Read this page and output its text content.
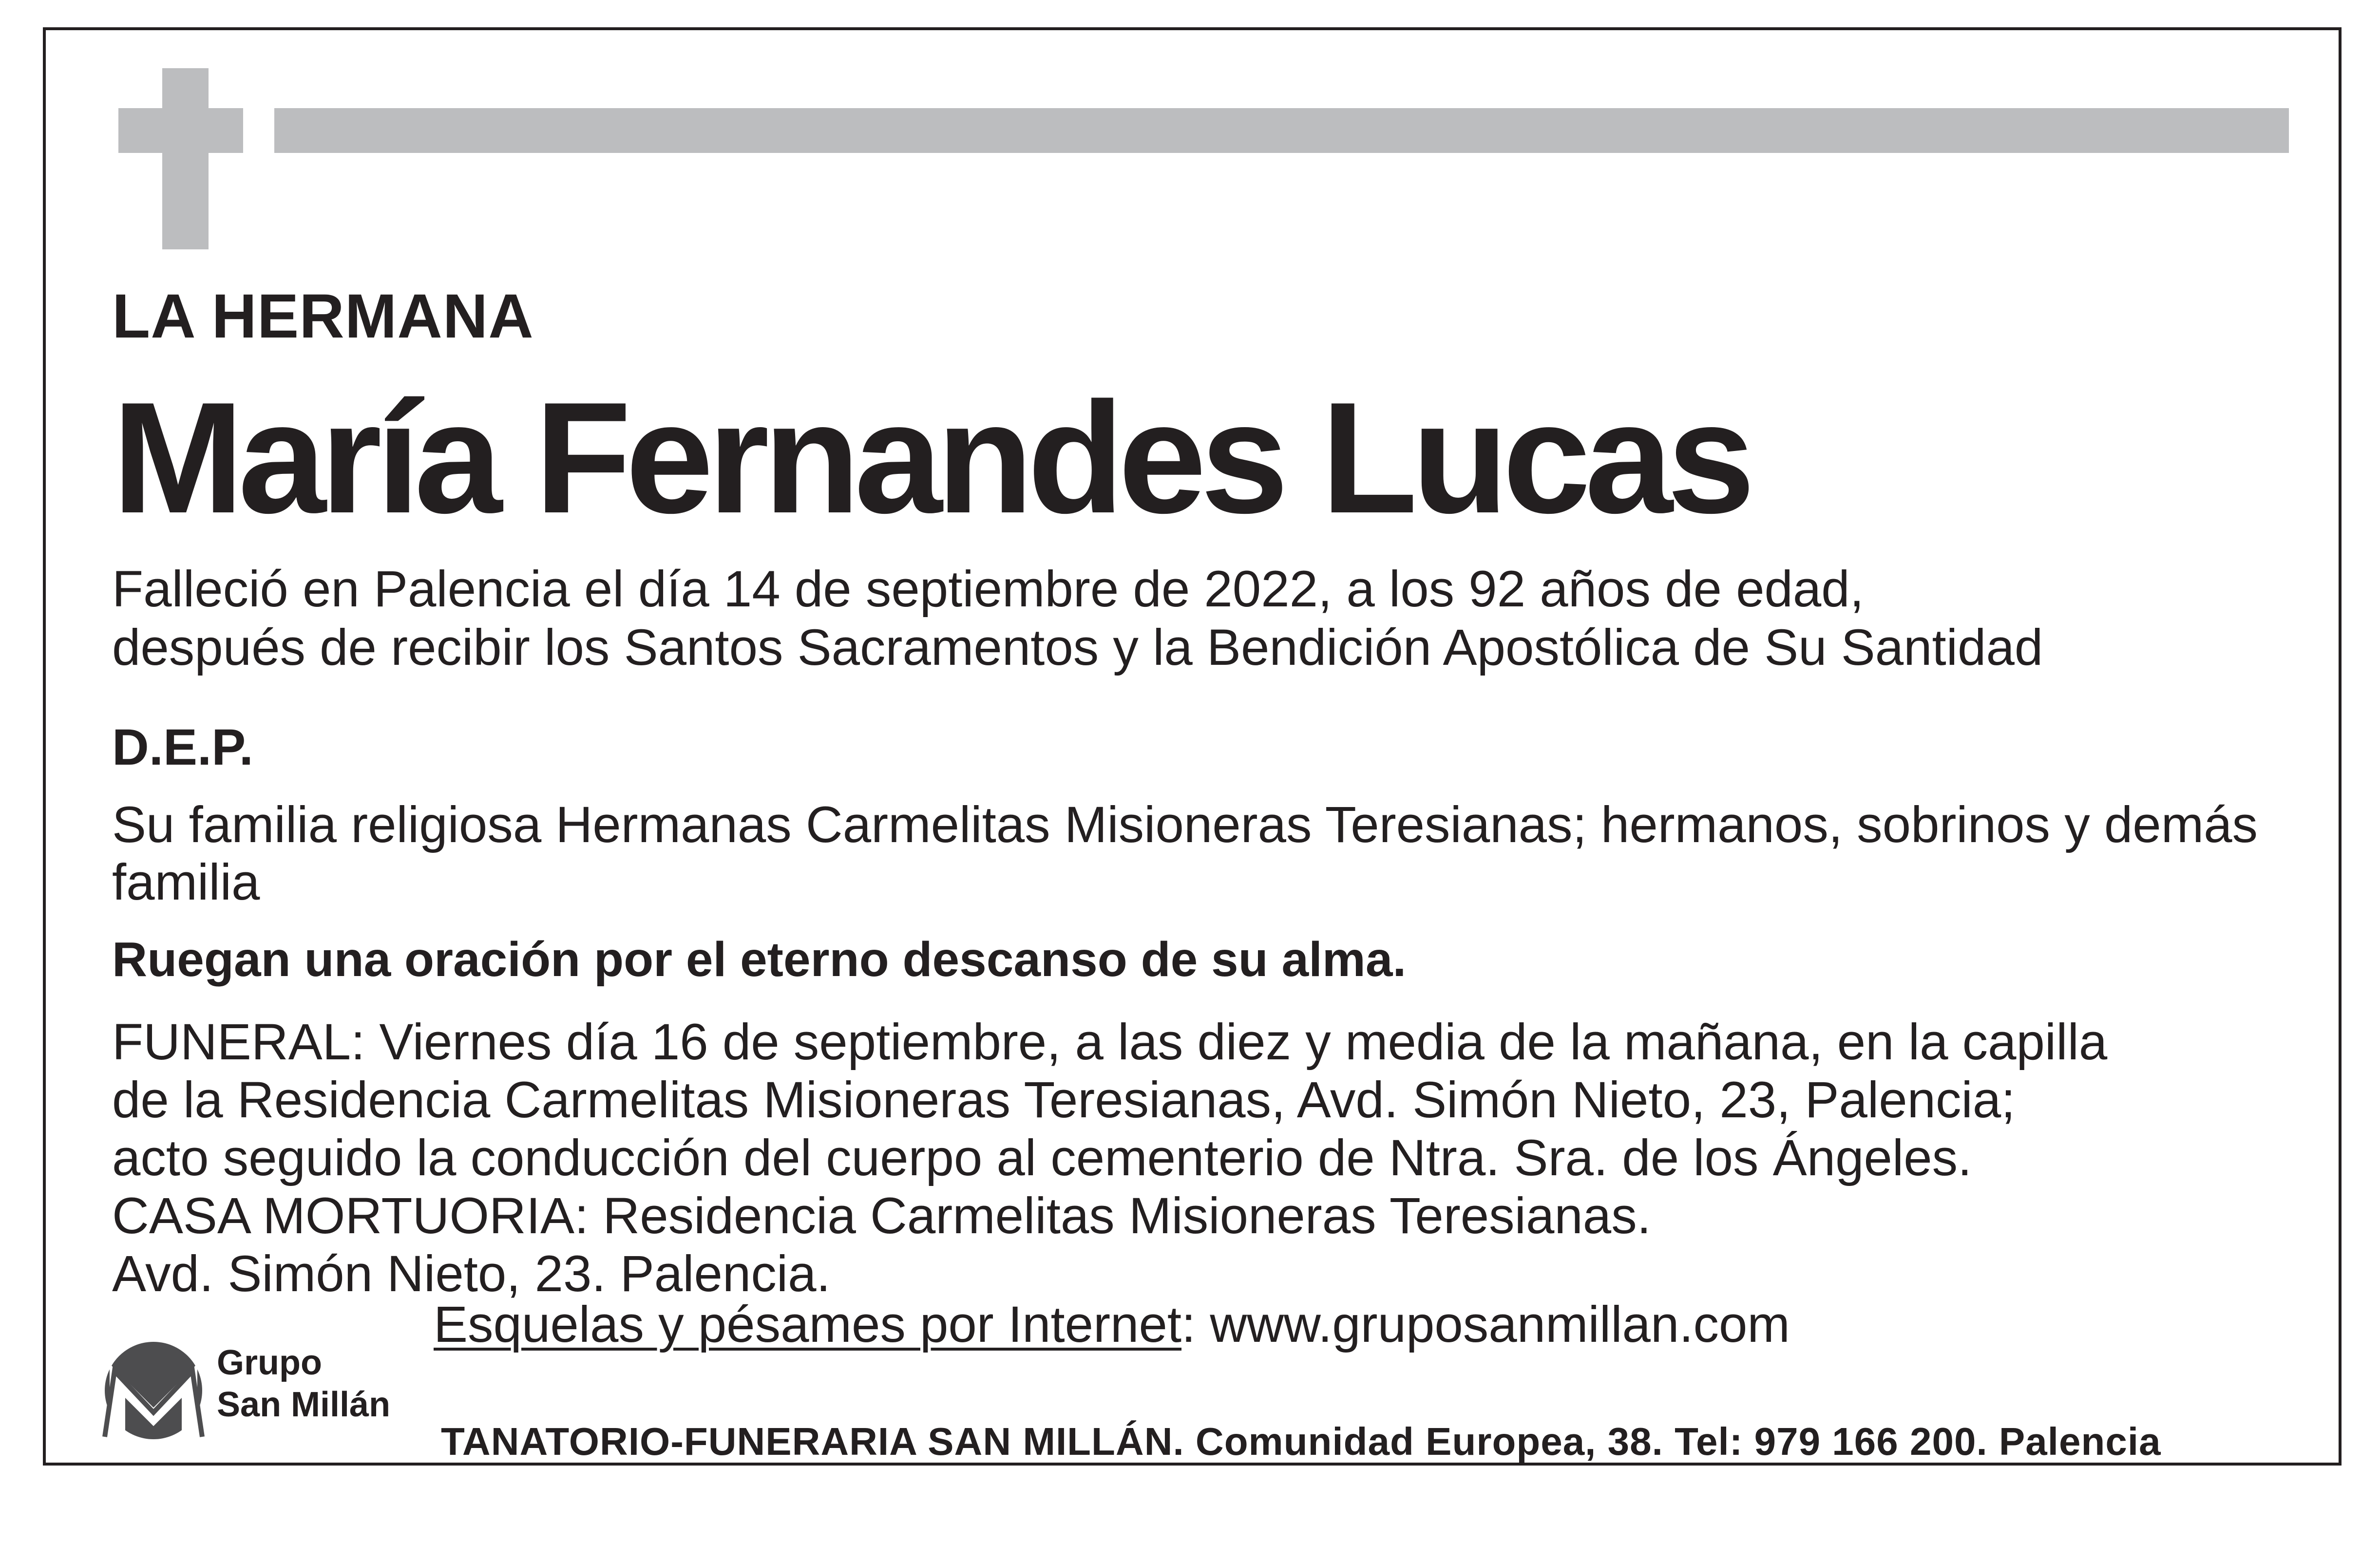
LA HERMANA

María Fernandes Lucas
Falleció en Palencia el día 14 de septiembre de 2022, a los 92 años de edad,
después de recibir los Santos Sacramentos y la Bendición Apostólica de Su Santidad

D.E.P.

Su familia religiosa Hermanas Carmelitas Misioneras Teresianas; hermanos, sobrinos y demás
familia

Ruegan una oración por el eterno descanso de su alma.

FUNERAL: Viernes día 16 de septiembre, a las diez y media de la mañana, en la capilla
de la Residencia Carmelitas Misioneras Teresianas, Avd. Simón Nieto, 23, Palencia;
acto seguido la conducción del cuerpo al cementerio de Ntra. Sra. de los Ángeles.
CASA MORTUORIA: Residencia Carmelitas Misioneras Teresianas.
Avd. Simón Nieto, 23. Palencia.
Esquelas y pésames por Internet: www.gruposanmillan.com
Grupo
San Millán

TANATORIO-FUNERARIA SAN MILLÁN. Comunidad Europea, 38. Tel: 979 166 200. Palencia
